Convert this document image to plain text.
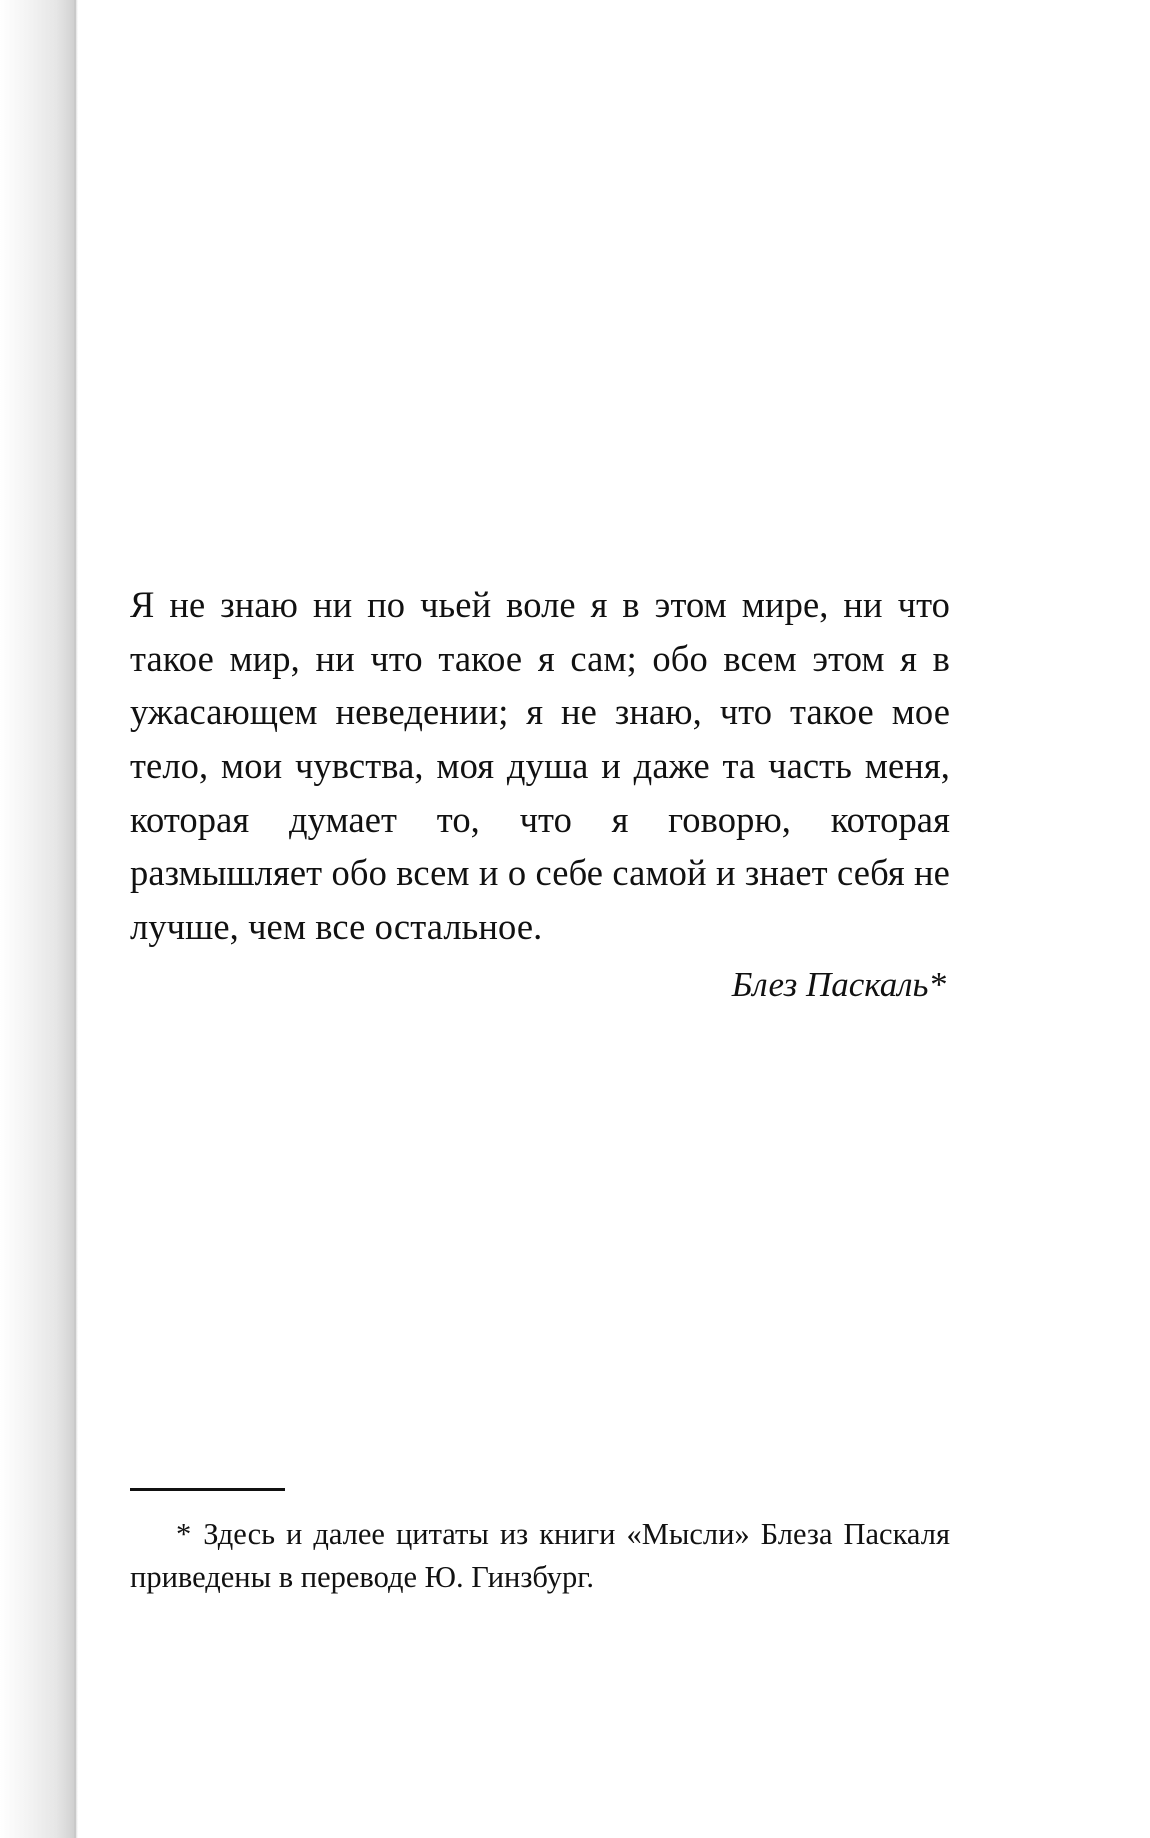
Я не знаю ни по чьей воле я в этом мире, ни что такое мир, ни что такое я сам; обо всем этом я в ужасающем неведении; я не знаю, что такое мое тело, мои чувства, моя душа и даже та часть меня, которая думает то, что я говорю, которая размышляет обо всем и о себе самой и знает себя не лучше, чем все остальное.

Блез Паскаль*

* Здесь и далее цитаты из книги «Мысли» Блеза Паскаля приведены в переводе Ю. Гинзбург.
